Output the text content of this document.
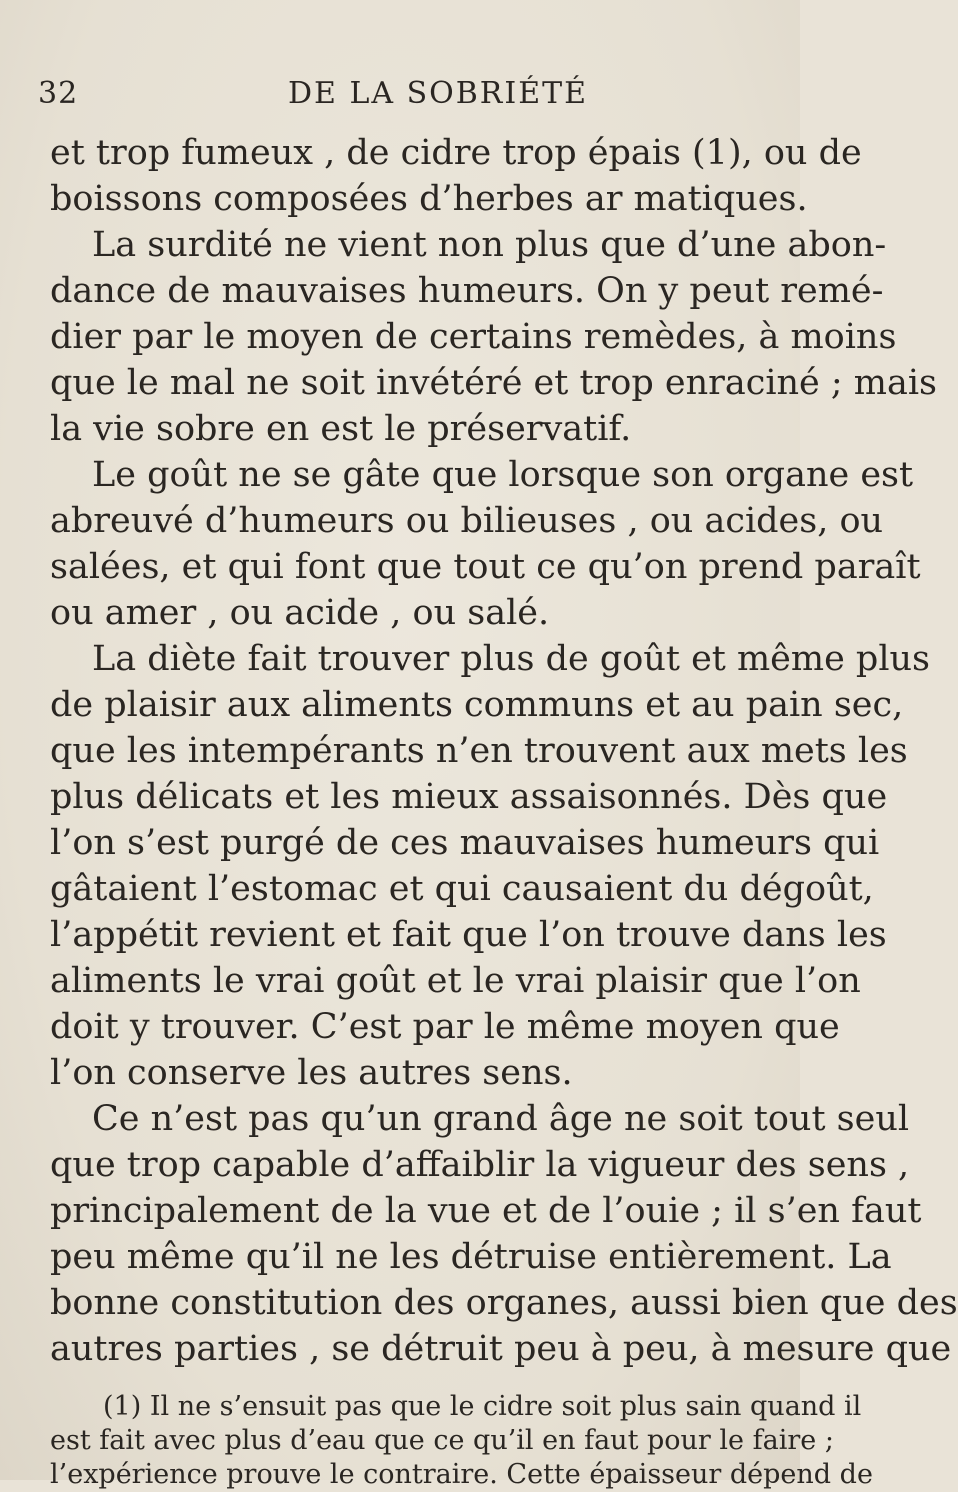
32	DE LA SOBRIÉTÉ
et trop fumeux , de cidre trop épais (1), ou de
boissons composées d’herbes ar matiques.
La surdité ne vient non plus que d’une abon-
dance de mauvaises humeurs. On y peut remé-
dier par le moyen de certains remèdes, à moins
que le mal ne soit invétéré et trop enraciné ; mais
la vie sobre en est le préservatif.
Le goût ne se gâte que lorsque son organe est
abreuvé d’humeurs ou bilieuses , ou acides, ou
salées, et qui font que tout ce qu’on prend paraît
ou amer , ou acide , ou salé.
La diète fait trouver plus de goût et même plus
de plaisir aux aliments communs et au pain sec,
que les intempérants n’en trouvent aux mets les
plus délicats et les mieux assaisonnés. Dès que
l’on s’est purgé de ces mauvaises humeurs qui
gâtaient l’estomac et qui causaient du dégoût,
l’appétit revient et fait que l’on trouve dans les
aliments le vrai goût et le vrai plaisir que l’on
doit y trouver. C’est par le même moyen que
l’on conserve les autres sens.
Ce n’est pas qu’un grand âge ne soit tout seul
que trop capable d’affaiblir la vigueur des sens ,
principalement de la vue et de l’ouie ; il s’en faut
peu même qu’il ne les détruise entièrement. La
bonne constitution des organes, aussi bien que des
autres parties , se détruit peu à peu, à mesure que
(1) Il ne s’ensuit pas que le cidre soit plus sain quand il
est fait avec plus d’eau que ce qu’il en faut pour le faire ;
l’expérience prouve le contraire. Cette épaisseur dépend de
